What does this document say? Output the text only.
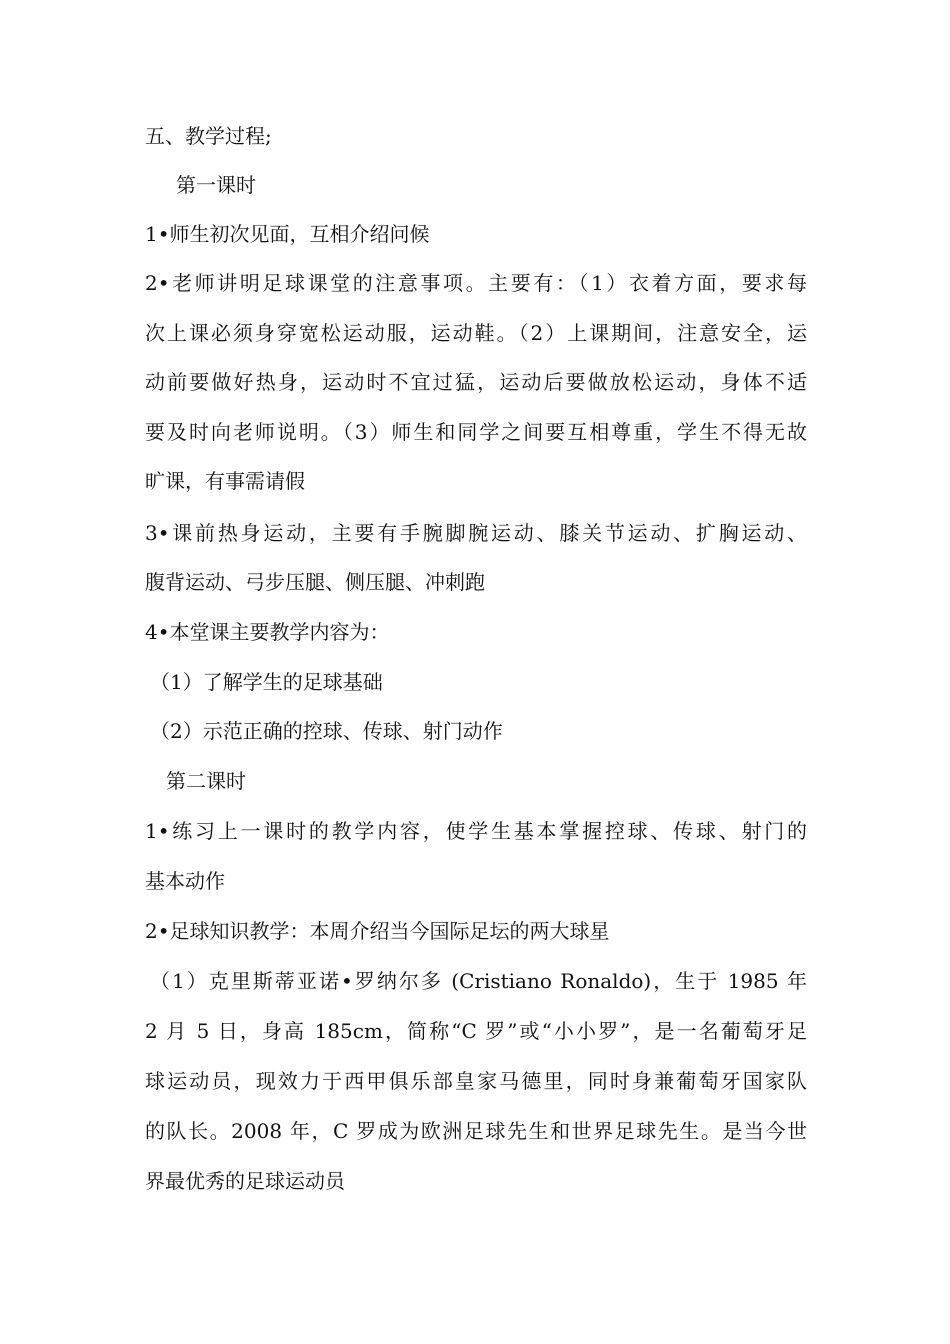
五、教学过程;
第一课时
1•师生初次见面，互相介绍问候
2•老师讲明足球课堂的注意事项。主要有：（1）衣着方面，要求每
次上课必须身穿宽松运动服，运动鞋。（2）上课期间，注意安全，运
动前要做好热身，运动时不宜过猛，运动后要做放松运动，身体不适
要及时向老师说明。（3）师生和同学之间要互相尊重，学生不得无故
旷课，有事需请假
3•课前热身运动，主要有手腕脚腕运动、膝关节运动、扩胸运动、
腹背运动、弓步压腿、侧压腿、冲刺跑
4•本堂课主要教学内容为：
（1）了解学生的足球基础
（2）示范正确的控球、传球、射门动作
第二课时
1•练习上一课时的教学内容，使学生基本掌握控球、传球、射门的
基本动作
2•足球知识教学：本周介绍当今国际足坛的两大球星
（1）克里斯蒂亚诺•罗纳尔多 (Cristiano Ronaldo)，生于 1985 年
2 月 5 日，身高 185cm，简称“C 罗”或“小小罗”，是一名葡萄牙足
球运动员，现效力于西甲俱乐部皇家马德里，同时身兼葡萄牙国家队
的队长。2008 年，C 罗成为欧洲足球先生和世界足球先生。是当今世
界最优秀的足球运动员
